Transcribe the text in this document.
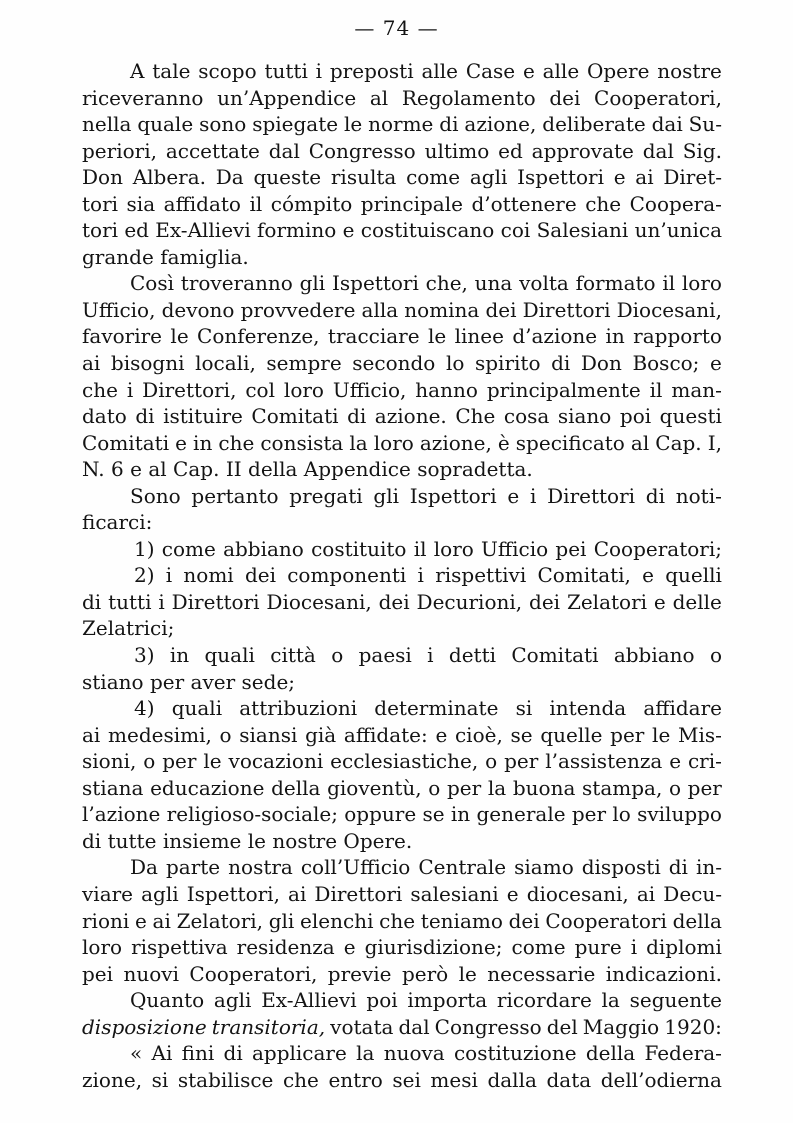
— 74 —
A tale scopo tutti i preposti alle Case e alle Opere nostre
riceveranno un’Appendice al Regolamento dei Cooperatori,
nella quale sono spiegate le norme di azione, deliberate dai Su-
periori, accettate dal Congresso ultimo ed approvate dal Sig.
Don Albera. Da queste risulta come agli Ispettori e ai Diret-
tori sia affidato il cómpito principale d’ottenere che Coopera-
tori ed Ex-Allievi formino e costituiscano coi Salesiani un’unica
grande famiglia.
Così troveranno gli Ispettori che, una volta formato il loro
Ufficio, devono provvedere alla nomina dei Direttori Diocesani,
favorire le Conferenze, tracciare le linee d’azione in rapporto
ai bisogni locali, sempre secondo lo spirito di Don Bosco; e
che i Direttori, col loro Ufficio, hanno principalmente il man-
dato di istituire Comitati di azione. Che cosa siano poi questi
Comitati e in che consista la loro azione, è specificato al Cap. I,
N. 6 e al Cap. II della Appendice sopradetta.
Sono pertanto pregati gli Ispettori e i Direttori di noti-
ficarci:
1) come abbiano costituito il loro Ufficio pei Cooperatori;
2) i nomi dei componenti i rispettivi Comitati, e quelli
di tutti i Direttori Diocesani, dei Decurioni, dei Zelatori e delle
Zelatrici;
3) in quali città o paesi i detti Comitati abbiano o
stiano per aver sede;
4) quali attribuzioni determinate si intenda affidare
ai medesimi, o siansi già affidate: e cioè, se quelle per le Mis-
sioni, o per le vocazioni ecclesiastiche, o per l’assistenza e cri-
stiana educazione della gioventù, o per la buona stampa, o per
l’azione religioso-sociale; oppure se in generale per lo sviluppo
di tutte insieme le nostre Opere.
Da parte nostra coll’Ufficio Centrale siamo disposti di in-
viare agli Ispettori, ai Direttori salesiani e diocesani, ai Decu-
rioni e ai Zelatori, gli elenchi che teniamo dei Cooperatori della
loro rispettiva residenza e giurisdizione; come pure i diplomi
pei nuovi Cooperatori, previe però le necessarie indicazioni.
Quanto agli Ex-Allievi poi importa ricordare la seguente
disposizione transitoria, votata dal Congresso del Maggio 1920:
« Ai fini di applicare la nuova costituzione della Federa-
zione, si stabilisce che entro sei mesi dalla data dell’odierna
